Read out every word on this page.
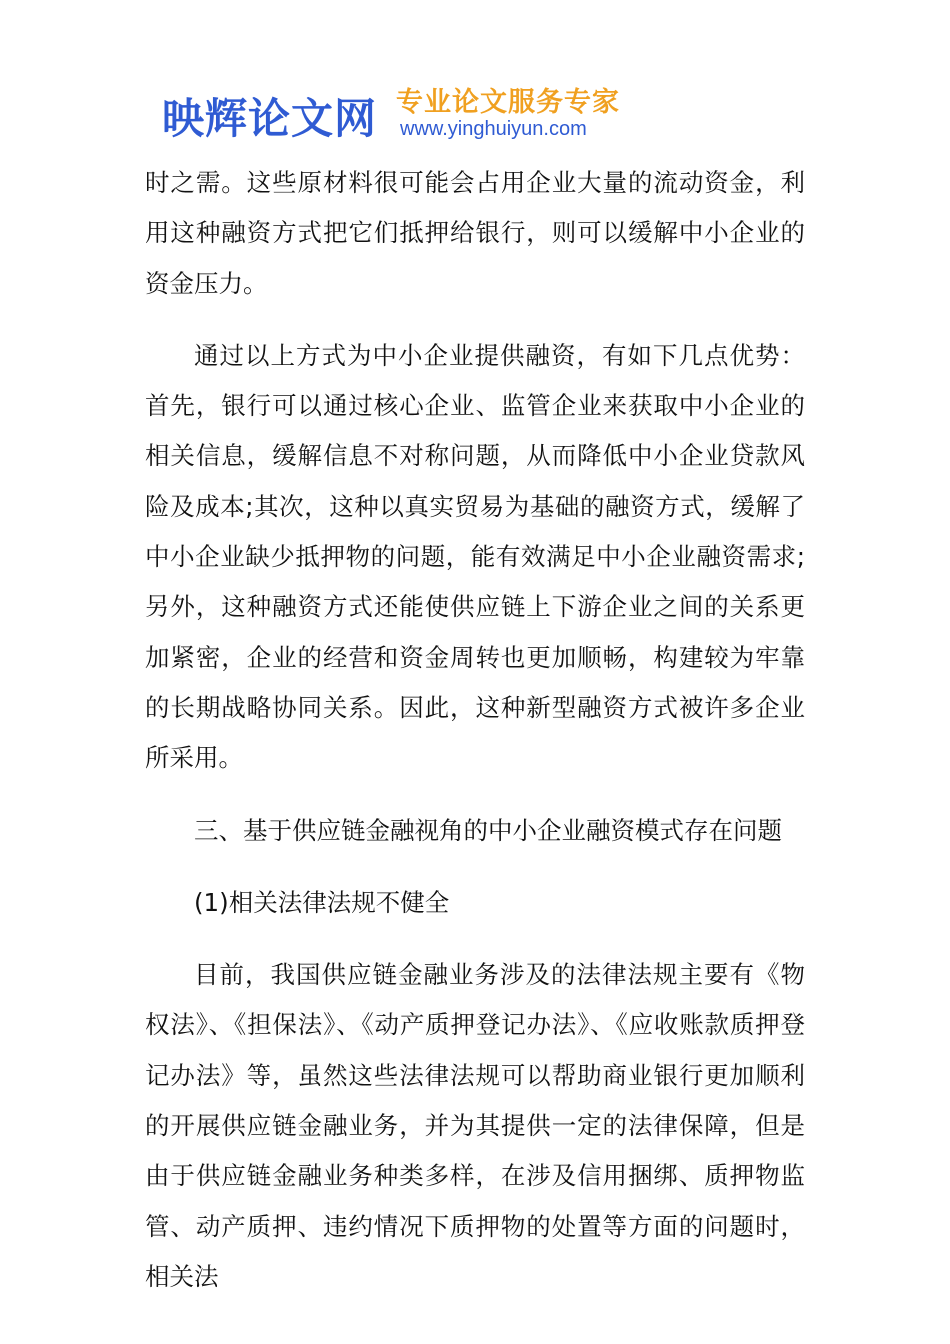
映辉论文网 专业论文服务专家
www.yinghuiyun.com

时之需。这些原材料很可能会占用企业大量的流动资金，利用这种融资方式把它们抵押给银行，则可以缓解中小企业的资金压力。

通过以上方式为中小企业提供融资，有如下几点优势：首先，银行可以通过核心企业、监管企业来获取中小企业的相关信息，缓解信息不对称问题，从而降低中小企业贷款风险及成本;其次，这种以真实贸易为基础的融资方式，缓解了中小企业缺少抵押物的问题，能有效满足中小企业融资需求;另外，这种融资方式还能使供应链上下游企业之间的关系更加紧密，企业的经营和资金周转也更加顺畅，构建较为牢靠的长期战略协同关系。因此，这种新型融资方式被许多企业所采用。

三、基于供应链金融视角的中小企业融资模式存在问题

(1)相关法律法规不健全

目前，我国供应链金融业务涉及的法律法规主要有《物权法》、《担保法》、《动产质押登记办法》、《应收账款质押登记办法》等，虽然这些法律法规可以帮助商业银行更加顺利的开展供应链金融业务，并为其提供一定的法律保障，但是由于供应链金融业务种类多样，在涉及信用捆绑、质押物监管、动产质押、违约情况下质押物的处置等方面的问题时，相关法
